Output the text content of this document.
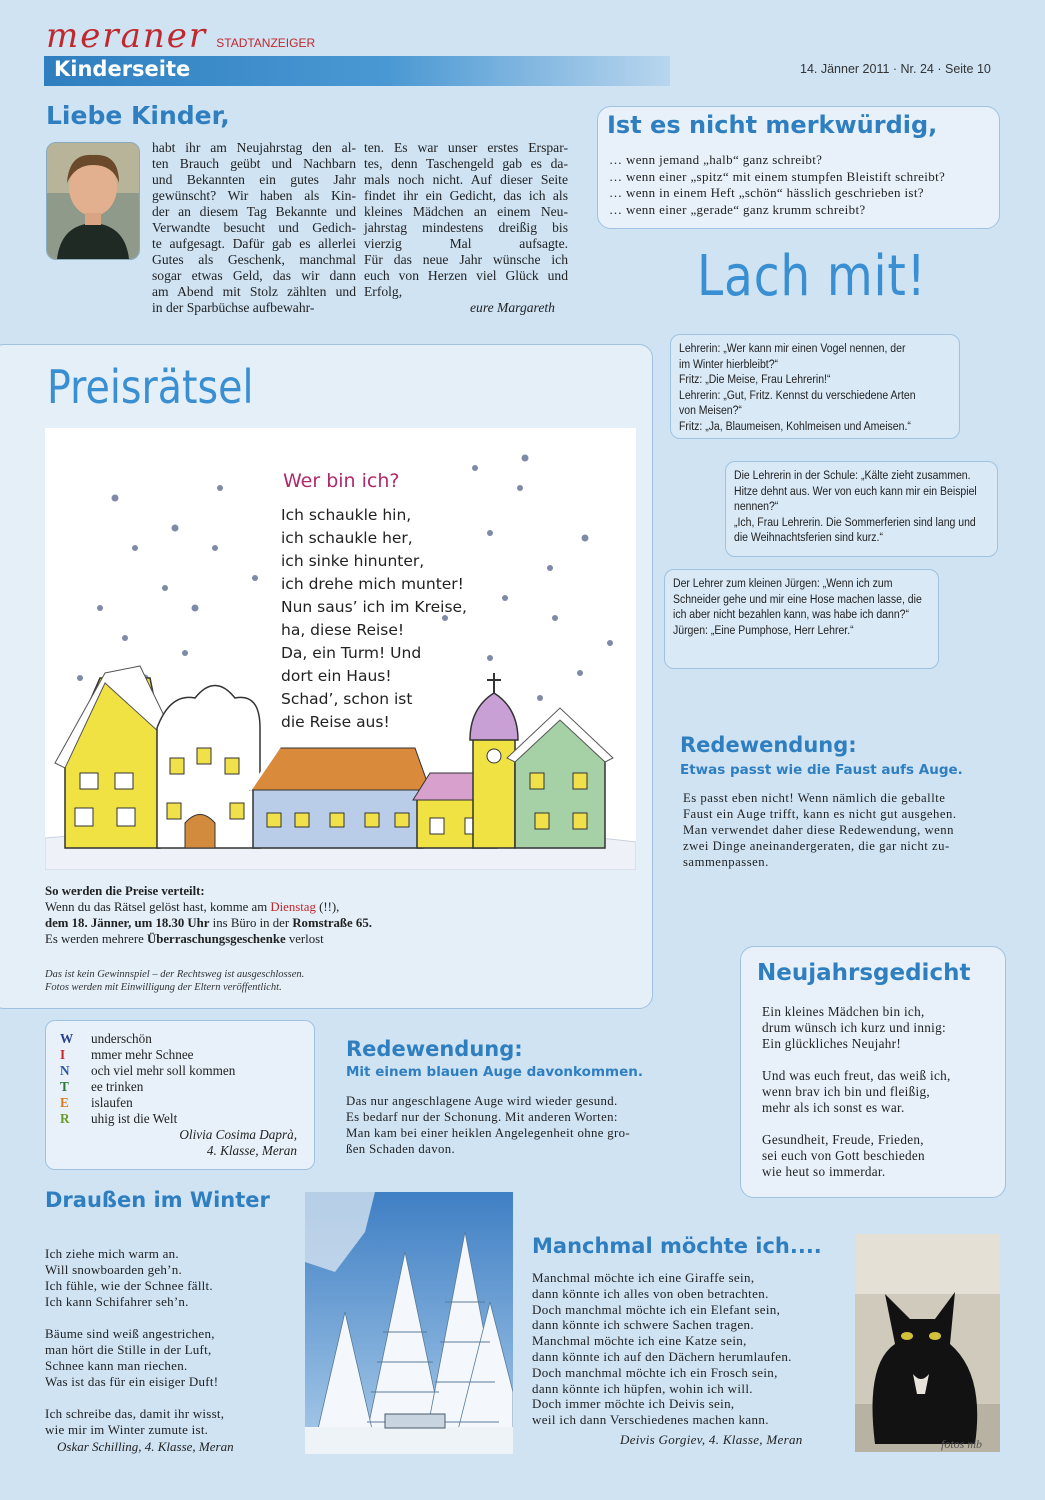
meraner STADTANZEIGER
Kinderseite	14. Jänner 2011 · Nr. 24 · Seite 10
Liebe Kinder,
habt ihr am Neujahrstag den al-
ten Brauch geübt und Nachbarn
und Bekannten ein gutes Jahr
gewünscht? Wir haben als Kin-
der an diesem Tag Bekannte und
Verwandte besucht und Gedich-
te aufgesagt. Dafür gab es allerlei
Gutes als Geschenk, manchmal
sogar etwas Geld, das wir dann
am Abend mit Stolz zählten und
in der Sparbüchse aufbewahr-
ten. Es war unser erstes Erspar-
tes, denn Taschengeld gab es da-
mals noch nicht. Auf dieser Seite
findet ihr ein Gedicht, das ich als
kleines Mädchen an einem Neu-
jahrstag mindestens dreißig bis
vierzig Mal aufsagte.
Für das neue Jahr wünsche ich
euch von Herzen viel Glück und
Erfolg,
eure Margareth
Ist es nicht merkwürdig,
… wenn jemand „halb“ ganz schreibt?
… wenn einer „spitz“ mit einem stumpfen Bleistift schreibt?
… wenn in einem Heft „schön“ hässlich geschrieben ist?
… wenn einer „gerade“ ganz krumm schreibt?
Lach mit!
Lehrerin: „Wer kann mir einen Vogel nennen, der
im Winter hierbleibt?“
Fritz: „Die Meise, Frau Lehrerin!“
Lehrerin: „Gut, Fritz. Kennst du verschiedene Arten
von Meisen?“
Fritz: „Ja, Blaumeisen, Kohlmeisen und Ameisen.“
Die Lehrerin in der Schule: „Kälte zieht zusammen.
Hitze dehnt aus. Wer von euch kann mir ein Beispiel
nennen?“
„Ich, Frau Lehrerin. Die Sommerferien sind lang und
die Weihnachtsferien sind kurz.“
Der Lehrer zum kleinen Jürgen: „Wenn ich zum
Schneider gehe und mir eine Hose machen lasse, die
ich aber nicht bezahlen kann, was habe ich dann?“
Jürgen: „Eine Pumphose, Herr Lehrer.“
Preisrätsel
Wer bin ich?
Ich schaukle hin,
ich schaukle her,
ich sinke hinunter,
ich drehe mich munter!
Nun saus’ ich im Kreise,
ha, diese Reise!
Da, ein Turm! Und
dort ein Haus!
Schad’, schon ist
die Reise aus!
So werden die Preise verteilt:
Wenn du das Rätsel gelöst hast, komme am Dienstag (!!),
dem 18. Jänner, um 18.30 Uhr ins Büro in der Romstraße 65.
Es werden mehrere Überraschungsgeschenke verlost
Das ist kein Gewinnspiel – der Rechtsweg ist ausgeschlossen.
Fotos werden mit Einwilligung der Eltern veröffentlicht.
Redewendung:
Etwas passt wie die Faust aufs Auge.
Es passt eben nicht! Wenn nämlich die geballte
Faust ein Auge trifft, kann es nicht gut ausgehen.
Man verwendet daher diese Redewendung, wenn
zwei Dinge aneinandergeraten, die gar nicht zu-
sammenpassen.
Neujahrsgedicht
Ein kleines Mädchen bin ich,
drum wünsch ich kurz und innig:
Ein glückliches Neujahr!

Und was euch freut, das weiß ich,
wenn brav ich bin und fleißig,
mehr als ich sonst es war.

Gesundheit, Freude, Frieden,
sei euch von Gott beschieden
wie heut so immerdar.
W underschön
I mmer mehr Schnee
N och viel mehr soll kommen
T ee trinken
E islaufen
R uhig ist die Welt
Olivia Cosima Daprà,
4. Klasse, Meran
Redewendung:
Mit einem blauen Auge davonkommen.
Das nur angeschlagene Auge wird wieder gesund.
Es bedarf nur der Schonung. Mit anderen Worten:
Man kam bei einer heiklen Angelegenheit ohne gro-
ßen Schaden davon.
Draußen im Winter
Ich ziehe mich warm an.
Will snowboarden geh’n.
Ich fühle, wie der Schnee fällt.
Ich kann Schifahrer seh’n.

Bäume sind weiß angestrichen,
man hört die Stille in der Luft,
Schnee kann man riechen.
Was ist das für ein eisiger Duft!

Ich schreibe das, damit ihr wisst,
wie mir im Winter zumute ist.
Oskar Schilling, 4. Klasse, Meran
Manchmal möchte ich....
Manchmal möchte ich eine Giraffe sein,
dann könnte ich alles von oben betrachten.
Doch manchmal möchte ich ein Elefant sein,
dann könnte ich schwere Sachen tragen.
Manchmal möchte ich eine Katze sein,
dann könnte ich auf den Dächern herumlaufen.
Doch manchmal möchte ich ein Frosch sein,
dann könnte ich hüpfen, wohin ich will.
Doch immer möchte ich Deivis sein,
weil ich dann Verschiedenes machen kann.
Deivis Gorgiev, 4. Klasse, Meran	fotos mb
